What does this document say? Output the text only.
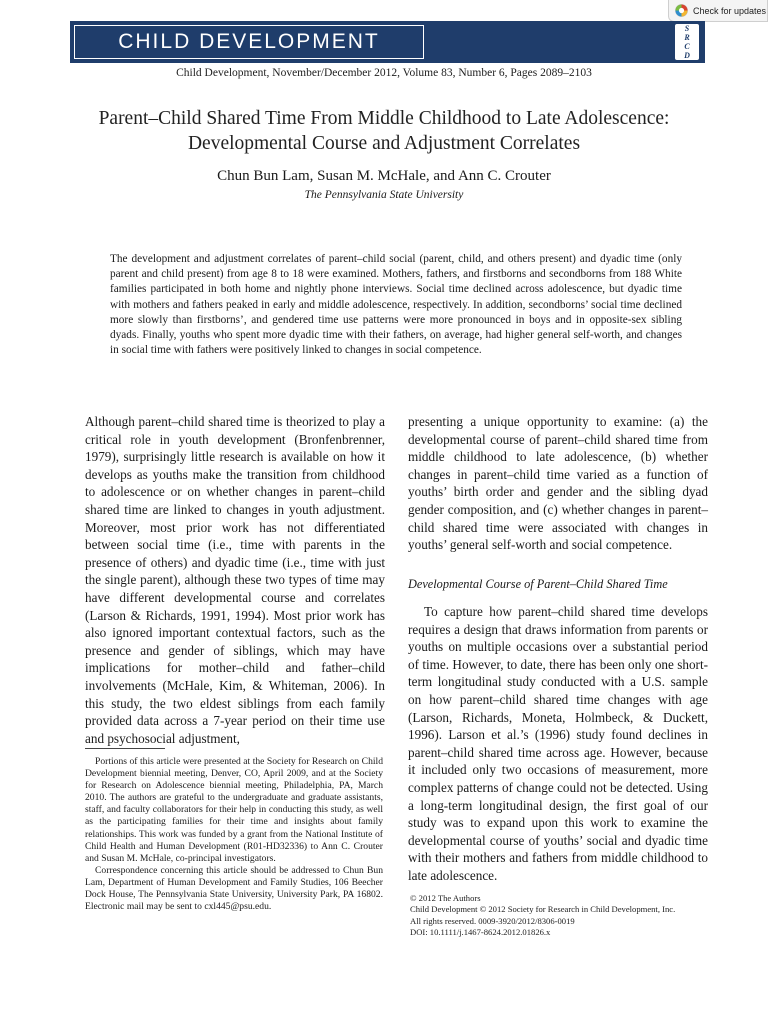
Check for updates
CHILD DEVELOPMENT
S
R
C
D
Child Development, November/December 2012, Volume 83, Number 6, Pages 2089–2103
Parent–Child Shared Time From Middle Childhood to Late Adolescence:
Developmental Course and Adjustment Correlates
Chun Bun Lam, Susan M. McHale, and Ann C. Crouter
The Pennsylvania State University
The development and adjustment correlates of parent–child social (parent, child, and others present) and dyadic time (only parent and child present) from age 8 to 18 were examined. Mothers, fathers, and firstborns and secondborns from 188 White families participated in both home and nightly phone interviews. Social time declined across adolescence, but dyadic time with mothers and fathers peaked in early and middle adolescence, respectively. In addition, secondborns’ social time declined more slowly than firstborns’, and gendered time use patterns were more pronounced in boys and in opposite-sex sibling dyads. Finally, youths who spent more dyadic time with their fathers, on average, had higher general self-worth, and changes in social time with fathers were positively linked to changes in social competence.
Although parent–child shared time is theorized to play a critical role in youth development (Bronfenbrenner, 1979), surprisingly little research is available on how it develops as youths make the transition from childhood to adolescence or on whether changes in parent–child shared time are linked to changes in youth adjustment. Moreover, most prior work has not differentiated between social time (i.e., time with parents in the presence of others) and dyadic time (i.e., time with just the single parent), although these two types of time may have different developmental course and correlates (Larson & Richards, 1991, 1994). Most prior work has also ignored important contextual factors, such as the presence and gender of siblings, which may have implications for mother–child and father–child involvements (McHale, Kim, & Whiteman, 2006). In this study, the two eldest siblings from each family provided data across a 7-year period on their time use and psychosocial adjustment,
presenting a unique opportunity to examine: (a) the developmental course of parent–child shared time from middle childhood to late adolescence, (b) whether changes in parent–child time varied as a function of youths’ birth order and gender and the sibling dyad gender composition, and (c) whether changes in parent–child shared time were associated with changes in youths’ general self-worth and social competence.
Developmental Course of Parent–Child Shared Time
To capture how parent–child shared time develops requires a design that draws information from parents or youths on multiple occasions over a substantial period of time. However, to date, there has been only one short-term longitudinal study conducted with a U.S. sample on how parent–child shared time changes with age (Larson, Richards, Moneta, Holmbeck, & Duckett, 1996). Larson et al.’s (1996) study found declines in parent–child shared time across age. However, because it included only two occasions of measurement, more complex patterns of change could not be detected. Using a long-term longitudinal design, the first goal of our study was to expand upon this work to examine the developmental course of youths’ social and dyadic time with their mothers and fathers from middle childhood to late adolescence.

Portions of this article were presented at the Society for Research on Child Development biennial meeting, Denver, CO, April 2009, and at the Society for Research on Adolescence biennial meeting, Philadelphia, PA, March 2010. The authors are grateful to the undergraduate and graduate assistants, staff, and faculty collaborators for their help in conducting this study, as well as the participating families for their time and insights about family relationships. This work was funded by a grant from the National Institute of Child Health and Human Development (R01-HD32336) to Ann C. Crouter and Susan M. McHale, co-principal investigators.

Correspondence concerning this article should be addressed to Chun Bun Lam, Department of Human Development and Family Studies, 106 Beecher Dock House, The Pennsylvania State University, University Park, PA 16802. Electronic mail may be sent to cxl445@psu.edu.

© 2012 The Authors
Child Development © 2012 Society for Research in Child Development, Inc.
All rights reserved. 0009-3920/2012/8306-0019
DOI: 10.1111/j.1467-8624.2012.01826.x
